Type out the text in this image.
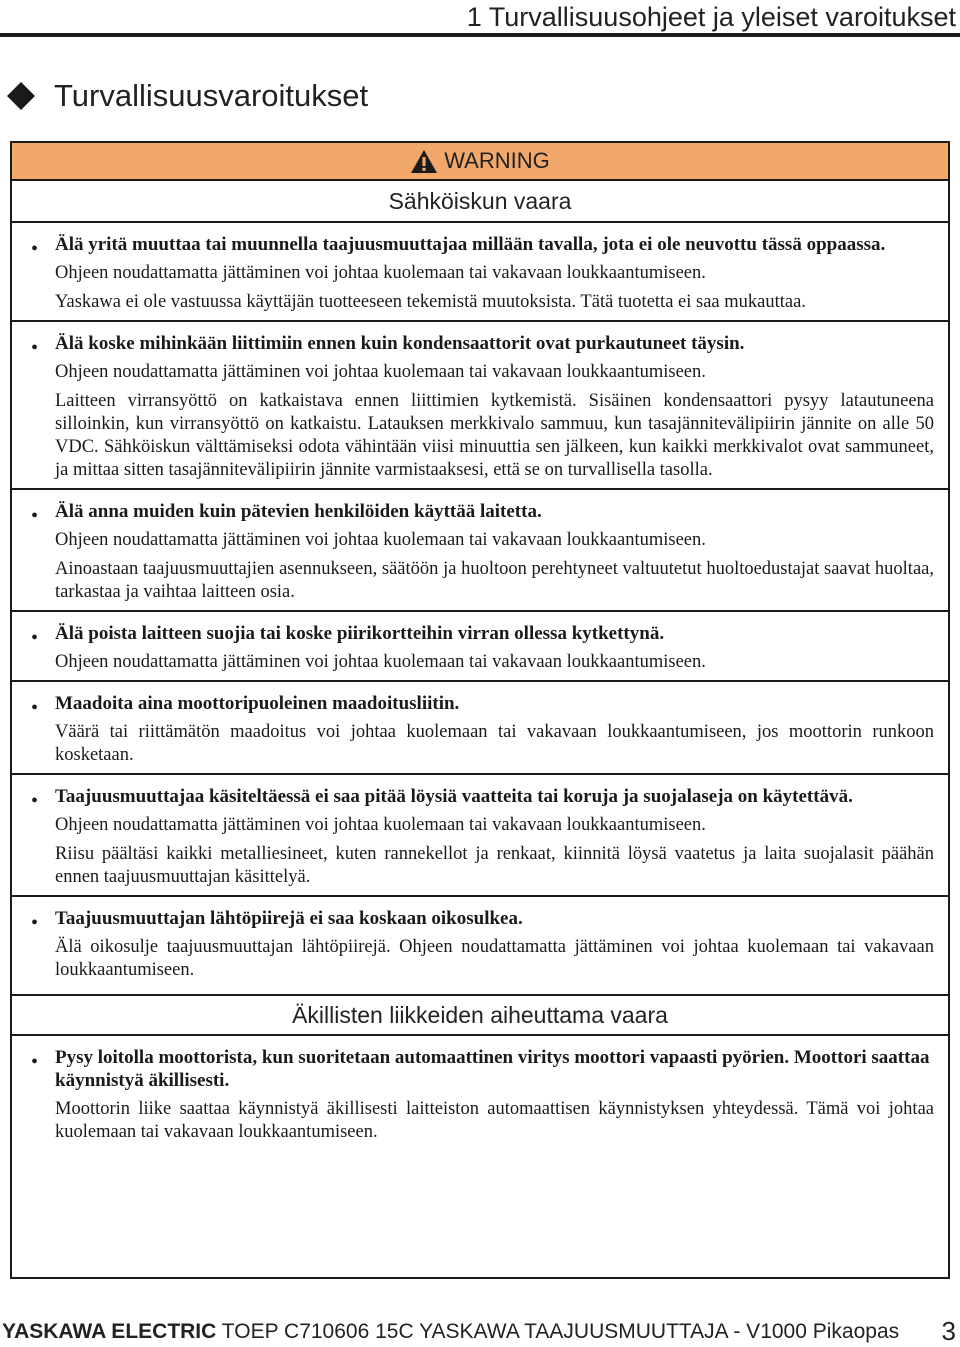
1 Turvallisuusohjeet ja yleiset varoitukset
Turvallisuusvaroitukset
WARNING
Sähköiskun vaara
• Älä yritä muuttaa tai muunnella taajuusmuuttajaa millään tavalla, jota ei ole neuvottu tässä oppaassa.
Ohjeen noudattamatta jättäminen voi johtaa kuolemaan tai vakavaan loukkaantumiseen.
Yaskawa ei ole vastuussa käyttäjän tuotteeseen tekemistä muutoksista. Tätä tuotetta ei saa mukauttaa.
• Älä koske mihinkään liittimiin ennen kuin kondensaattorit ovat purkautuneet täysin.
Ohjeen noudattamatta jättäminen voi johtaa kuolemaan tai vakavaan loukkaantumiseen.
Laitteen virransyöttö on katkaistava ennen liittimien kytkemistä. Sisäinen kondensaattori pysyy latautuneena silloinkin, kun virransyöttö on katkaistu. Latauksen merkkivalo sammuu, kun tasajännitevälipiirin jännite on alle 50 VDC. Sähköiskun välttämiseksi odota vähintään viisi minuuttia sen jälkeen, kun kaikki merkkivalot ovat sammuneet, ja mittaa sitten tasajännitevälipiirin jännite varmistaaksesi, että se on turvallisella tasolla.
• Älä anna muiden kuin pätevien henkilöiden käyttää laitetta.
Ohjeen noudattamatta jättäminen voi johtaa kuolemaan tai vakavaan loukkaantumiseen.
Ainoastaan taajuusmuuttajien asennukseen, säätöön ja huoltoon perehtyneet valtuutetut huoltoedustajat saavat huoltaa, tarkastaa ja vaihtaa laitteen osia.
• Älä poista laitteen suojia tai koske piirikortteihin virran ollessa kytkettynä.
Ohjeen noudattamatta jättäminen voi johtaa kuolemaan tai vakavaan loukkaantumiseen.
• Maadoita aina moottoripuoleinen maadoitusliitin.
Väärä tai riittämätön maadoitus voi johtaa kuolemaan tai vakavaan loukkaantumiseen, jos moottorin runkoon kosketaan.
• Taajuusmuuttajaa käsiteltäessä ei saa pitää löysiä vaatteita tai koruja ja suojalaseja on käytettävä.
Ohjeen noudattamatta jättäminen voi johtaa kuolemaan tai vakavaan loukkaantumiseen.
Riisu päältäsi kaikki metalliesineet, kuten rannekellot ja renkaat, kiinnitä löysä vaatetus ja laita suojalasit päähän ennen taajuusmuuttajan käsittelyä.
• Taajuusmuuttajan lähtöpiirejä ei saa koskaan oikosulkea.
Älä oikosulje taajuusmuuttajan lähtöpiirejä. Ohjeen noudattamatta jättäminen voi johtaa kuolemaan tai vakavaan loukkaantumiseen.
Äkillisten liikkeiden aiheuttama vaara
• Pysy loitolla moottorista, kun suoritetaan automaattinen viritys moottori vapaasti pyörien. Moottori saattaa käynnistyä äkillisesti.
Moottorin liike saattaa käynnistyä äkillisesti laitteiston automaattisen käynnistyksen yhteydessä. Tämä voi johtaa kuolemaan tai vakavaan loukkaantumiseen.
YASKAWA ELECTRIC TOEP C710606 15C YASKAWA TAAJUUSMUUTTAJA - V1000 Pikaopas 3
